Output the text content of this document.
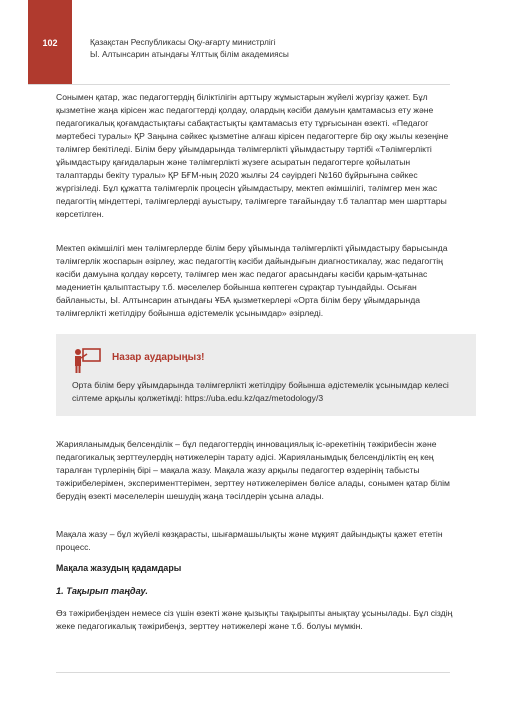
102	Қазақстан Республикасы Оқу-ағарту министрлігі
Ы. Алтынсарин атындағы Ұлттық білім академиясы

Сонымен қатар, жас педагогтердің біліктілігін арттыру жұмыстарын жүйелі жүргізу қажет. Бұл қызметіне жаңа кірісен жас педагогтерді қолдау, олардың кәсіби дамуын қамтамасыз ету және педагогикалық қоғамдастықтағы сабақтастықты қамтамасыз ету тұрғысынан өзекті. «Педагог мәртебесі туралы» ҚР Заңына сәйкес қызметіне алғаш кірісен педагогтерге бір оқу жылы кезеңіне тәлімгер бекітіледі. Білім беру ұйымдарында тәлімгерлікті ұйымдастыру тәртібі «Тәлімгерлікті ұйымдастыру қағидаларын және тәлімгерлікті жүзеге асыратын педагогтерге қойылатын талаптарды бекіту туралы» ҚР БҒМ-ның 2020 жылғы 24 сәуірдегі №160 бұйрығына сәйкес жүргізіледі. Бұл құжатта тәлімгерлік процесін ұйымдастыру, мектеп әкімшілігі, тәлімгер мен жас педагогтің міндеттері, тәлімгерлерді ауыстыру, тәлімгерге тағайындау т.б талаптар мен шарттары көрсетілген.

Мектеп әкімшілігі мен тәлімгерлерде білім беру ұйымында тәлімгерлікті ұйымдастыру барысында тәлімгерлік жоспарын әзірлеу, жас педагогтің кәсіби дайындығын диагностикалау, жас педагогтің кәсіби дамуына қолдау көрсету, тәлімгер мен жас педагог арасындағы кәсіби қарым-қатынас мәдениетін қалыптастыру т.б. мәселелер бойынша көптеген сұрақтар туындайды. Осыған байланысты, Ы. Алтынсарин атындағы ҰБА қызметкерлері «Орта білім беру ұйымдарында тәлімгерлікті жетілдіру бойынша әдістемелік ұсынымдар» әзірледі.

Назар аударыңыз!

Орта білім беру ұйымдарында тәлімгерлікті жетілдіру бойынша әдістемелік ұсынымдар келесі сілтеме арқылы қолжетімді: https://uba.edu.kz/qaz/metodology/3

Жарияланымдық белсенділік – бұл педагогтердің инновациялық іс-әрекетінің тәжірибесін және педагогикалық зерттеулердің нәтижелерін тарату әдісі. Жарияланымдық белсенділіктің ең кең таралған түрлерінің бірі – мақала жазу. Мақала жазу арқылы педагогтер өздерінің табысты тәжірибелерімен, эксперименттерімен, зерттеу нәтижелерімен бөлісе алады, сонымен қатар білім берудің өзекті мәселелерін шешудің жаңа тәсілдерін ұсына алады.

Мақала жазу – бұл жүйелі көзқарасты, шығармашылықты және мұқият дайындықты қажет ететін процесс.

Мақала жазудың қадамдары
1. Тақырып таңдау.

Өз тәжірибеңізден немесе сіз үшін өзекті және қызықты тақырыпты анықтау ұсынылады. Бұл сіздің жеке педагогикалық тәжірибеңіз, зерттеу нәтижелері және т.б. болуы мүмкін.
